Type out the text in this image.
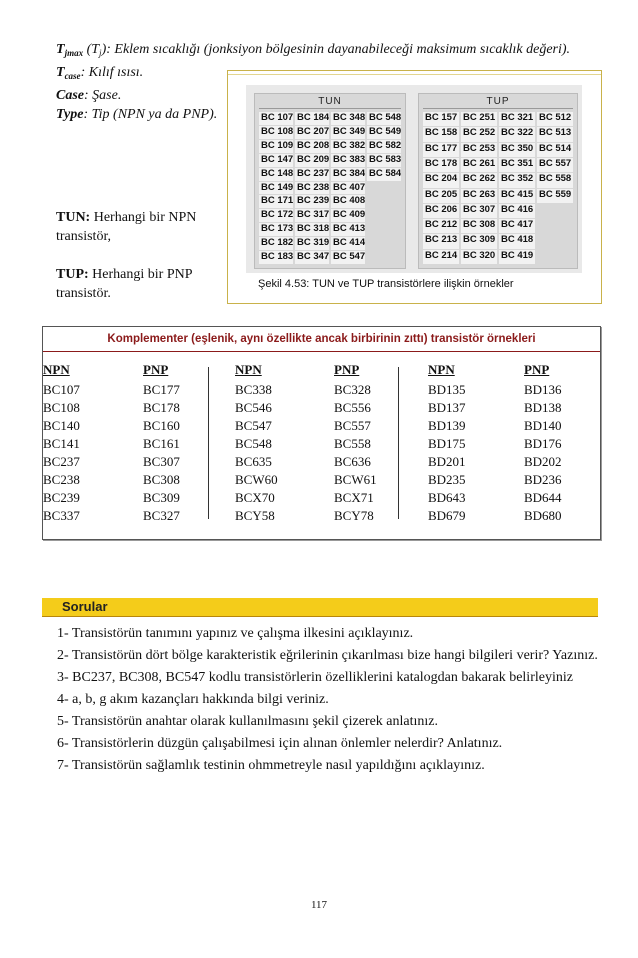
$T_{jmax}$ $(T_j)$: Eklem sıcaklığı (jonksiyon bölgesinin dayanabileceği maksimum sıcaklık değeri).

$T_{case}$: Kılıf ısısı.

Case: Şase.

Type: Tip (NPN ya da PNP).

TUN: Herhangi bir NPN transistör,

TUP: Herhangi bir PNP transistör.

TUN
BC 107
BC 108
BC 109
BC 147
BC 148
BC 149
BC 171
BC 172
BC 173
BC 182
BC 183
BC 184
BC 207
BC 208
BC 209
BC 237
BC 238
BC 239
BC 317
BC 318
BC 319
BC 347
BC 348
BC 349
BC 382
BC 383
BC 384
BC 407
BC 408
BC 409
BC 413
BC 414
BC 547
BC 548
BC 549
BC 582
BC 583
BC 584
TUP
BC 157
BC 158
BC 177
BC 178
BC 204
BC 205
BC 206
BC 212
BC 213
BC 214
BC 251
BC 252
BC 253
BC 261
BC 262
BC 263
BC 307
BC 308
BC 309
BC 320
BC 321
BC 322
BC 350
BC 351
BC 352
BC 415
BC 416
BC 417
BC 418
BC 419
BC 512
BC 513
BC 514
BC 557
BC 558
BC 559
Şekil 4.53: TUN ve TUP transistörlere ilişkin örnekler
Komplementer (eşlenik, aynı özellikte ancak birbirinin zıttı) transistör örnekleri
NPN
BC107
BC108
BC140
BC141
BC237
BC238
BC239
BC337
PNP
BC177
BC178
BC160
BC161
BC307
BC308
BC309
BC327
NPN
BC338
BC546
BC547
BC548
BC635
BCW60
BCX70
BCY58
PNP
BC328
BC556
BC557
BC558
BC636
BCW61
BCX71
BCY78
NPN
BD135
BD137
BD139
BD175
BD201
BD235
BD643
BD679
PNP
BD136
BD138
BD140
BD176
BD202
BD236
BD644
BD680
Sorular

1- Transistörün tanımını yapınız ve çalışma ilkesini açıklayınız.

2- Transistörün dört bölge karakteristik eğrilerinin çıkarılması bize hangi bilgileri verir? Yazınız.

3- BC237, BC308, BC547 kodlu transistörlerin özelliklerini katalogdan bakarak belirleyiniz

4- a, b, g akım kazançları hakkında bilgi veriniz.

5- Transistörün anahtar olarak kullanılmasını şekil çizerek anlatınız.

6- Transistörlerin düzgün çalışabilmesi için alınan önlemler nelerdir? Anlatınız.

7- Transistörün sağlamlık testinin ohmmetreyle nasıl yapıldığını açıklayınız.

117
